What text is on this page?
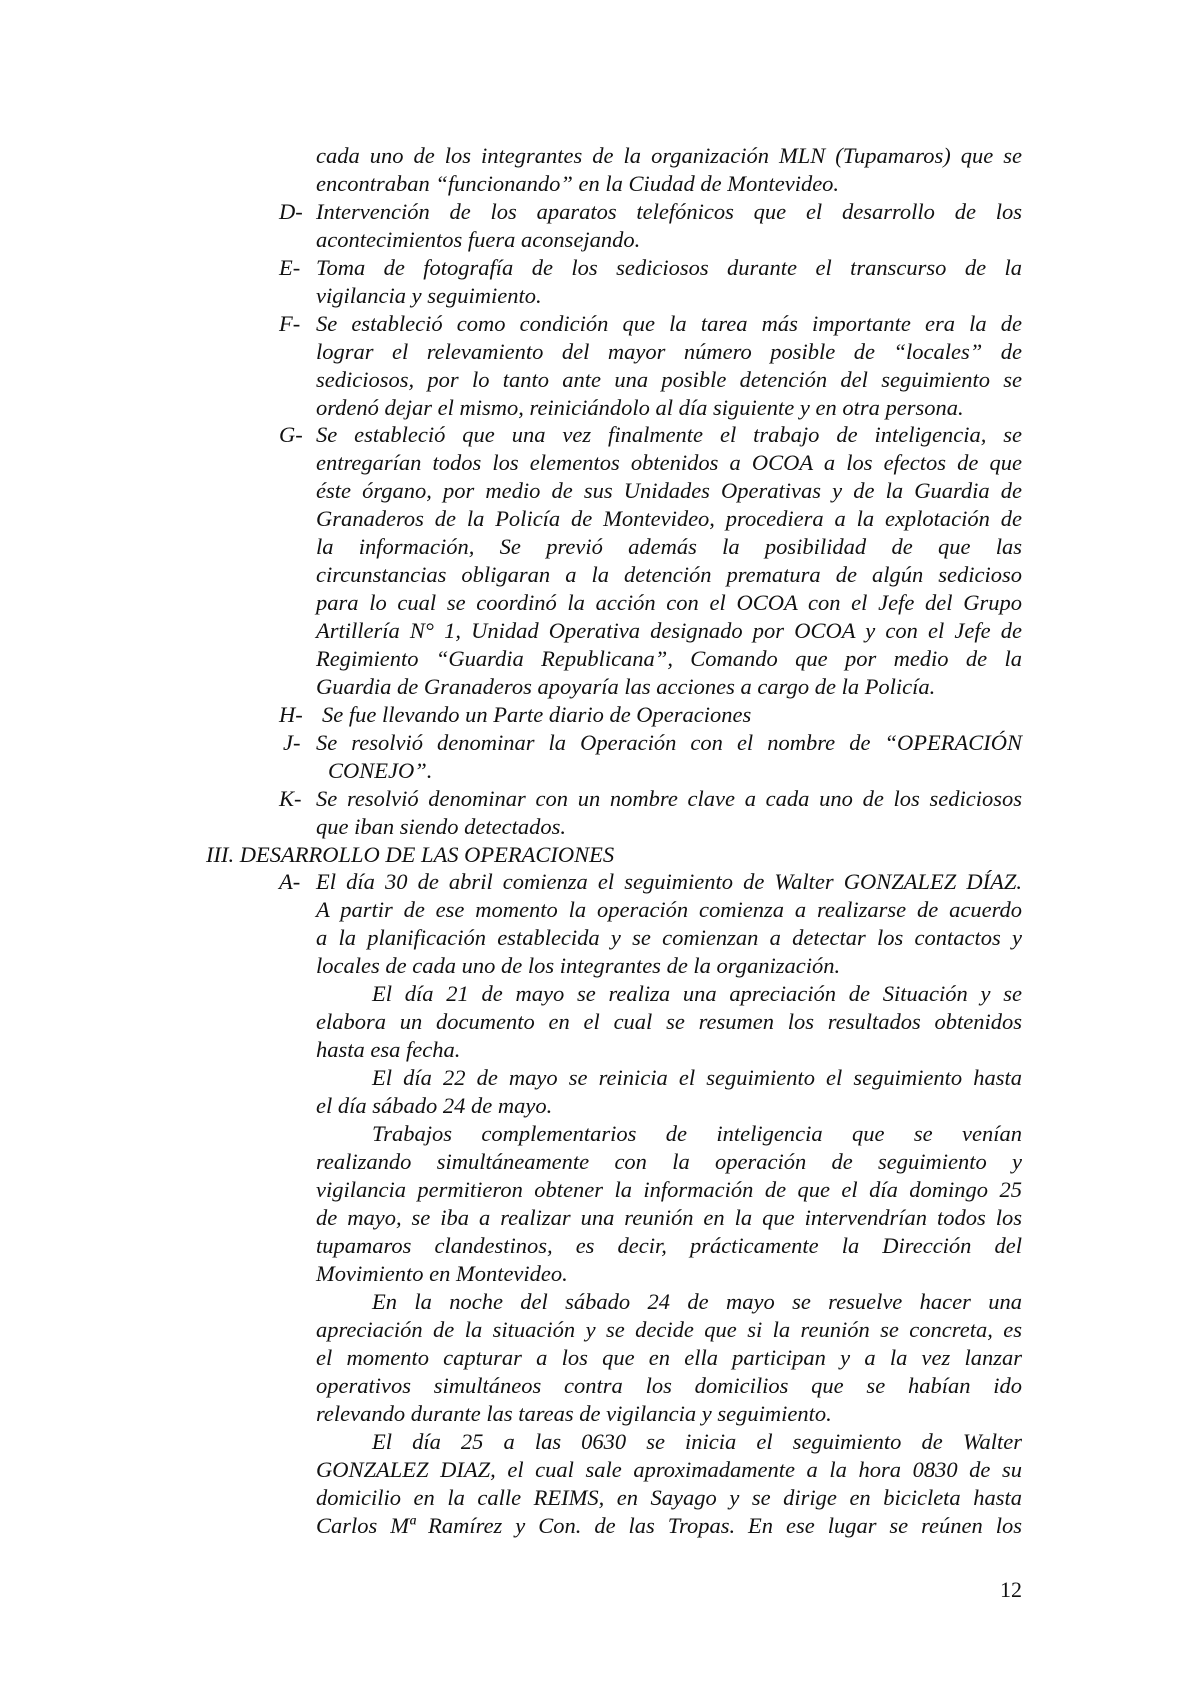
cada uno de los integrantes de la organización MLN (Tupamaros) que se
encontraban “funcionando” en la Ciudad de Montevideo.
D- Intervención de los aparatos telefónicos que el desarrollo de los
acontecimientos fuera aconsejando.
E- Toma de fotografía de los sediciosos durante el transcurso de la
vigilancia y seguimiento.
F- Se estableció como condición que la tarea más importante era la de
lograr el relevamiento del mayor número posible de “locales” de
sediciosos, por lo tanto ante una posible detención del seguimiento se
ordenó dejar el mismo, reiniciándolo al día siguiente y en otra persona.
G- Se estableció que una vez finalmente el trabajo de inteligencia, se
entregarían todos los elementos obtenidos a OCOA a los efectos de que
éste órgano, por medio de sus Unidades Operativas y de la Guardia de
Granaderos de la Policía de Montevideo, procediera a la explotación de
la información, Se previó además la posibilidad de que las
circunstancias obligaran a la detención prematura de algún sedicioso
para lo cual se coordinó la acción con el OCOA con el Jefe del Grupo
Artillería N° 1, Unidad Operativa designado por OCOA y con el Jefe de
Regimiento “Guardia Republicana”, Comando que por medio de la
Guardia de Granaderos apoyaría las acciones a cargo de la Policía.
H- Se fue llevando un Parte diario de Operaciones
J- Se resolvió denominar la Operación con el nombre de “OPERACIÓN
CONEJO”.
K- Se resolvió denominar con un nombre clave a cada uno de los sediciosos
que iban siendo detectados.
III. DESARROLLO DE LAS OPERACIONES
A- El día 30 de abril comienza el seguimiento de Walter GONZALEZ DÍAZ.
A partir de ese momento la operación comienza a realizarse de acuerdo
a la planificación establecida y se comienzan a detectar los contactos y
locales de cada uno de los integrantes de la organización.
El día 21 de mayo se realiza una apreciación de Situación y se
elabora un documento en el cual se resumen los resultados obtenidos
hasta esa fecha.
El día 22 de mayo se reinicia el seguimiento el seguimiento hasta
el día sábado 24 de mayo.
Trabajos complementarios de inteligencia que se venían
realizando simultáneamente con la operación de seguimiento y
vigilancia permitieron obtener la información de que el día domingo 25
de mayo, se iba a realizar una reunión en la que intervendrían todos los
tupamaros clandestinos, es decir, prácticamente la Dirección del
Movimiento en Montevideo.
En la noche del sábado 24 de mayo se resuelve hacer una
apreciación de la situación y se decide que si la reunión se concreta, es
el momento capturar a los que en ella participan y a la vez lanzar
operativos simultáneos contra los domicilios que se habían ido
relevando durante las tareas de vigilancia y seguimiento.
El día 25 a las 0630 se inicia el seguimiento de Walter
GONZALEZ DIAZ, el cual sale aproximadamente a la hora 0830 de su
domicilio en la calle REIMS, en Sayago y se dirige en bicicleta hasta
Carlos Mª Ramírez y Con. de las Tropas. En ese lugar se reúnen los
12
